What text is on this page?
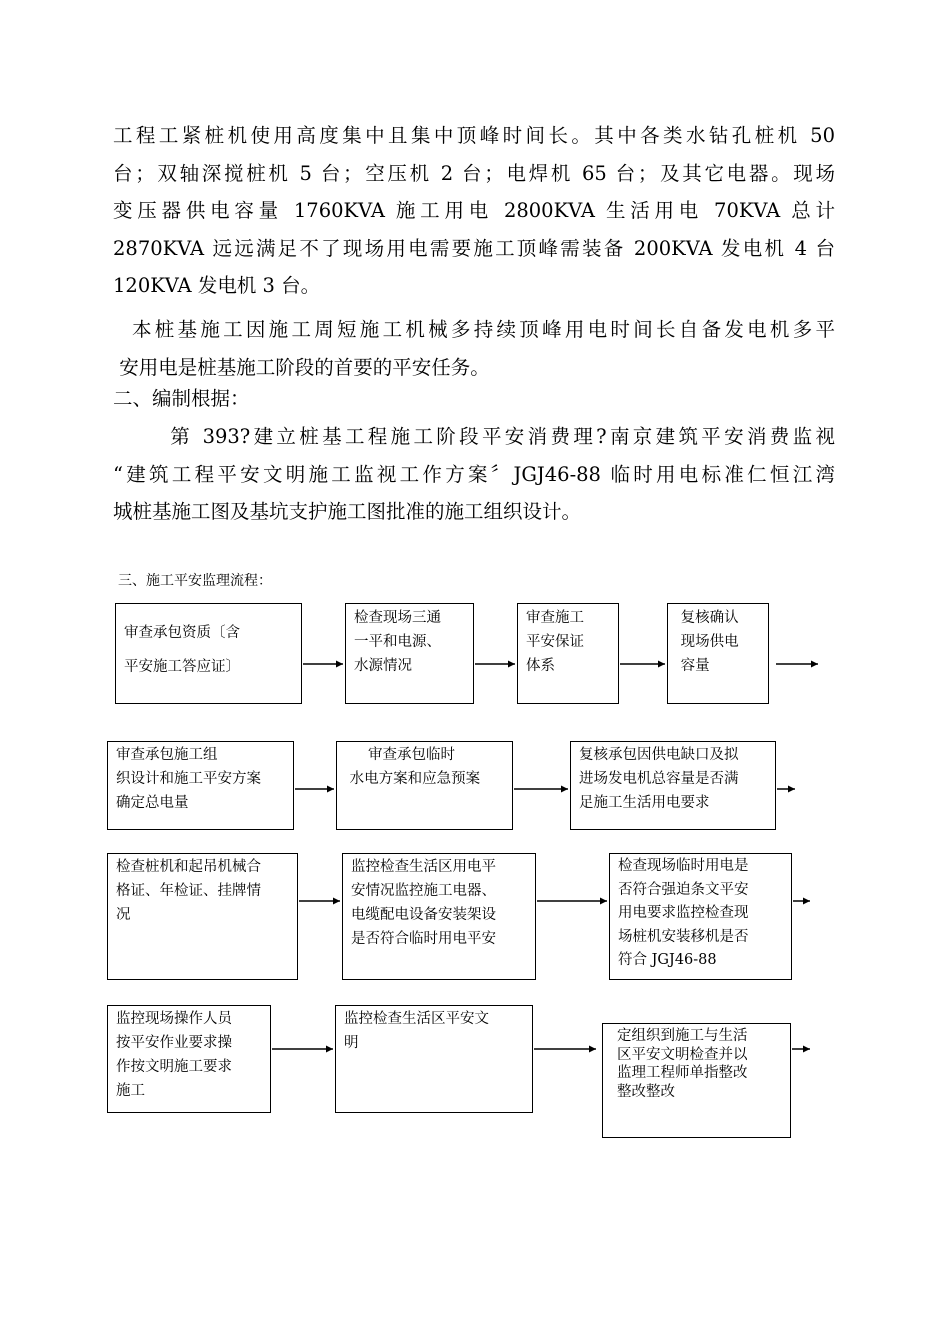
工程工紧桩机使用高度集中且集中顶峰时间长。其中各类水钻孔桩机 50
台；双轴深搅桩机 5 台；空压机 2 台；电焊机 65 台；及其它电器。现场
变压器供电容量 1760KVA 施工用电 2800KVA 生活用电 70KVA 总计
2870KVA 远远满足不了现场用电需要施工顶峰需装备 200KVA 发电机 4 台
120KVA 发电机 3 台。
本桩基施工因施工周短施工机械多持续顶峰用电时间长自备发电机多平
安用电是桩基施工阶段的首要的平安任务。
二、编制根据：
第 393?建立桩基工程施工阶段平安消费理?南京建筑平安消费监视
“建筑工程平安文明施工监视工作方案〞JGJ46-88 临时用电标准仁恒江湾
城桩基施工图及基坑支护施工图批准的施工组织设计。
三、施工平安监理流程：
审查承包资质〔含
平安施工答应证〕
检查现场三通
一平和电源、
水源情况
审查施工
平安保证
体系
复核确认
现场供电
容量
审查承包施工组
织设计和施工平安方案
确定总电量
审查承包临时
水电方案和应急预案
复核承包因供电缺口及拟
进场发电机总容量是否满
足施工生活用电要求
检查桩机和起吊机械合
格证、年检证、挂牌情
况
监控检查生活区用电平
安情况监控施工电器、
电缆配电设备安装架设
是否符合临时用电平安
检查现场临时用电是
否符合强迫条文平安
用电要求监控检查现
场桩机安装移机是否
符合 JGJ46-88
监控现场操作人员
按平安作业要求操
作按文明施工要求
施工
监控检查生活区平安文
明	定组织到施工与生活
区平安文明检查并以
监理工程师单指整改
整改整改
